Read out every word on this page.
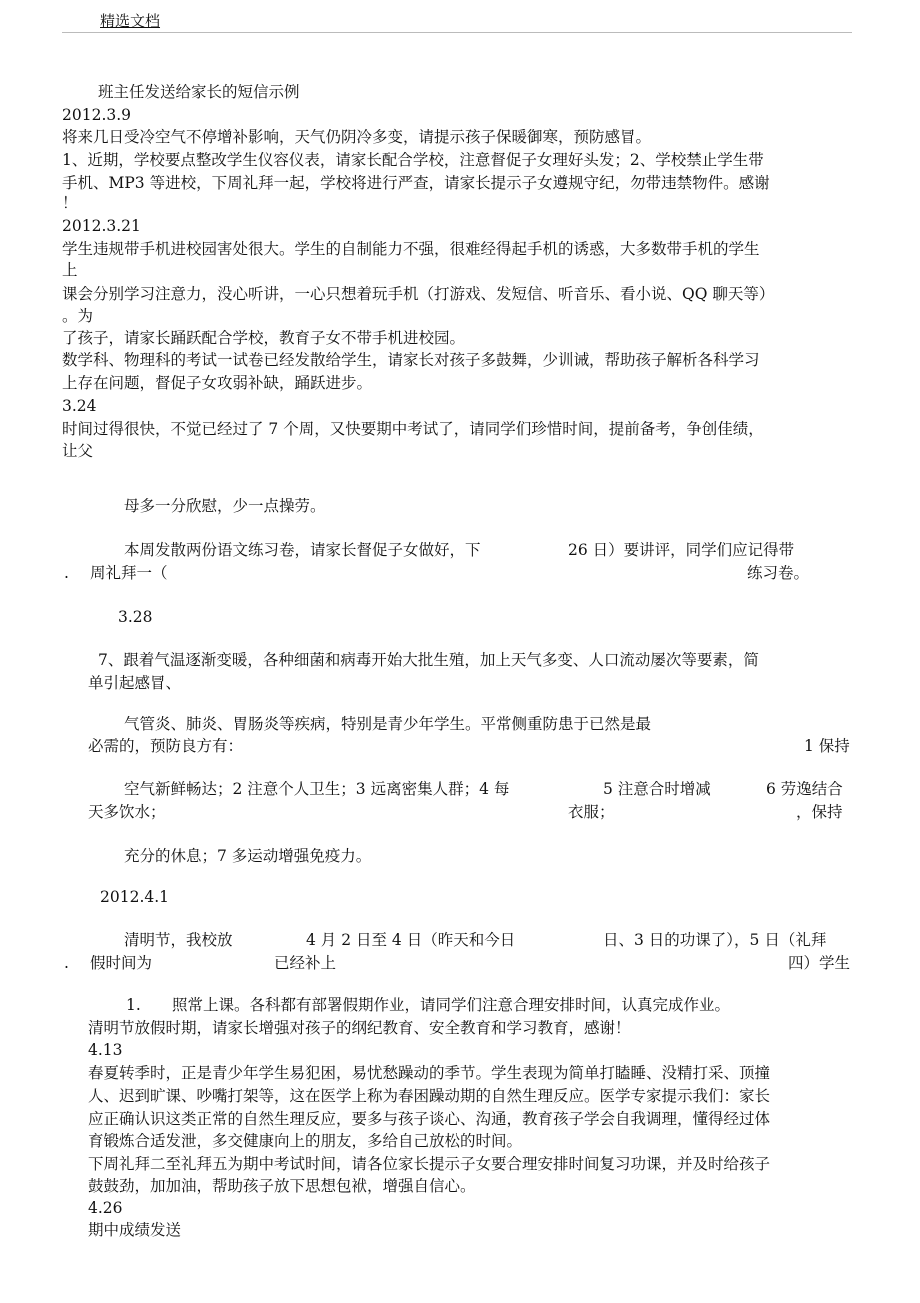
精选文档
班主任发送给家长的短信示例
2012.3.9
将来几日受冷空气不停增补影响，天气仍阴冷多变，请提示孩子保暖御寒，预防感冒。
1、近期，学校要点整改学生仪容仪表，请家长配合学校，注意督促子女理好头发；2、学校禁止学生带
手机、MP3 等进校，下周礼拜一起，学校将进行严查，请家长提示子女遵规守纪，勿带违禁物件。感谢
！
2012.3.21
学生违规带手机进校园害处很大。学生的自制能力不强，很难经得起手机的诱惑，大多数带手机的学生
上
课会分别学习注意力，没心听讲，一心只想着玩手机（打游戏、发短信、听音乐、看小说、QQ 聊天等）
。为
了孩子，请家长踊跃配合学校，教育子女不带手机进校园。
数学科、物理科的考试一试卷已经发散给学生，请家长对孩子多鼓舞，少训诫，帮助孩子解析各科学习
上存在问题，督促子女攻弱补缺，踊跃进步。
3.24
时间过得很快，不觉已经过了 7 个周，又快要期中考试了，请同学们珍惜时间，提前备考，争创佳绩，
让父
母多一分欣慰，少一点操劳。
本周发散两份语文练习卷，请家长督促子女做好，下	26 日）要讲评，同学们应记得带
. 周礼拜一（	练习卷。
3.28
7、跟着气温逐渐变暖，各种细菌和病毒开始大批生殖，加上天气多变、人口流动屡次等要素，简
单引起感冒、
气管炎、肺炎、胃肠炎等疾病，特别是青少年学生。平常侧重防患于已然是最
必需的，预防良方有：	1 保持
空气新鲜畅达；2 注意个人卫生；3 远离密集人群；4 每	5 注意合时增减	6 劳逸结合
天多饮水；	衣服；	，保持
充分的休息；7 多运动增强免疫力。
2012.4.1
清明节，我校放	4 月 2 日至 4 日（昨天和今日	日、3 日的功课了），5 日（礼拜
. 假时间为	已经补上	四）学生
1. 照常上课。各科都有部署假期作业，请同学们注意合理安排时间，认真完成作业。
清明节放假时期，请家长增强对孩子的纲纪教育、安全教育和学习教育，感谢！
4.13
春夏转季时，正是青少年学生易犯困，易忧愁躁动的季节。学生表现为简单打瞌睡、没精打采、顶撞
人、迟到旷课、吵嘴打架等，这在医学上称为春困躁动期的自然生理反应。医学专家提示我们：家长
应正确认识这类正常的自然生理反应，要多与孩子谈心、沟通，教育孩子学会自我调理，懂得经过体
育锻炼合适发泄，多交健康向上的朋友，多给自己放松的时间。
下周礼拜二至礼拜五为期中考试时间，请各位家长提示子女要合理安排时间复习功课，并及时给孩子
鼓鼓劲，加加油，帮助孩子放下思想包袱，增强自信心。
4.26
期中成绩发送
